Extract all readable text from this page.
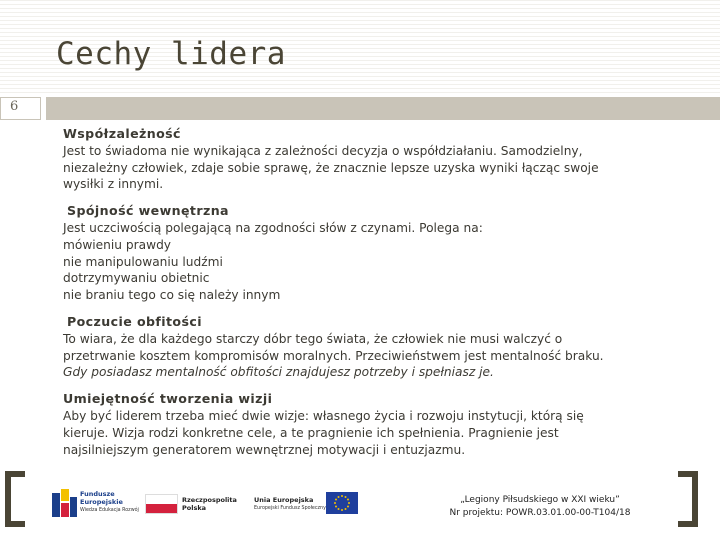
Cechy lidera
6
Współzależność

Jest to świadoma nie wynikająca z zależności decyzja o współdziałaniu. Samodzielny,

niezależny człowiek, zdaje sobie sprawę, że znacznie lepsze uzyska wyniki łącząc swoje

wysiłki z innymi.

Spójność wewnętrzna

Jest uczciwością polegającą na zgodności słów z czynami. Polega na:

mówieniu prawdy

nie manipulowaniu ludźmi

dotrzymywaniu obietnic

nie braniu tego co się należy innym

Poczucie obfitości

To wiara, że dla każdego starczy dóbr tego świata, że człowiek nie musi walczyć o

przetrwanie kosztem kompromisów moralnych. Przeciwieństwem jest mentalność braku.

Gdy posiadasz mentalność obfitości znajdujesz potrzeby i spełniasz je.

Umiejętność tworzenia wizji

Aby być liderem trzeba mieć dwie wizje: własnego życia i rozwoju instytucji, którą się

kieruje. Wizja rodzi konkretne cele, a te pragnienie ich spełnienia. Pragnienie jest

najsilniejszym generatorem wewnętrznej motywacji i entuzjazmu.

Fundusze
Europejskie
Wiedza Edukacja Rozwój
Rzeczpospolita
Polska
Unia Europejska
Europejski Fundusz Społeczny
„Legiony Piłsudskiego w XXI wieku”
Nr projektu: POWR.03.01.00-00-T104/18
